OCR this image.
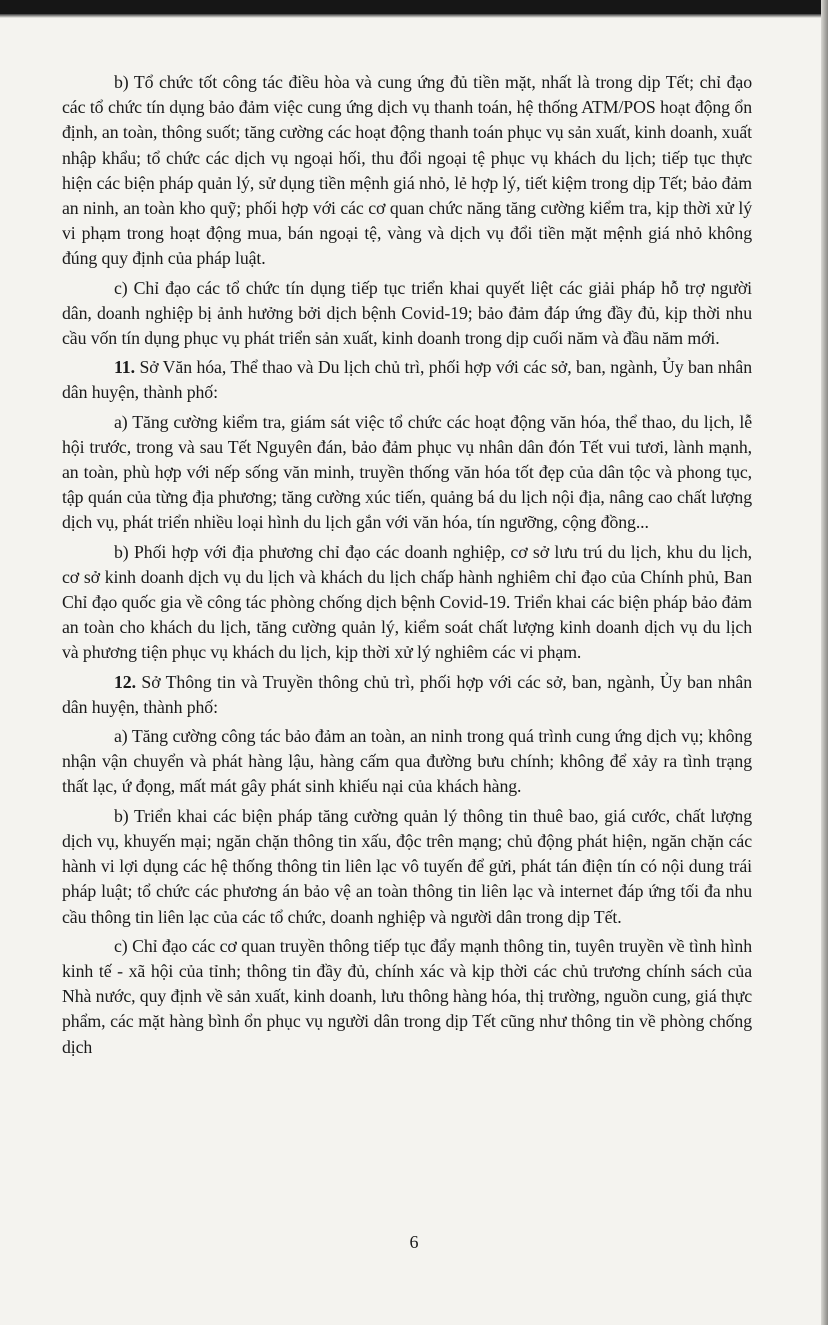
b) Tổ chức tốt công tác điều hòa và cung ứng đủ tiền mặt, nhất là trong dịp Tết; chỉ đạo các tổ chức tín dụng bảo đảm việc cung ứng dịch vụ thanh toán, hệ thống ATM/POS hoạt động ổn định, an toàn, thông suốt; tăng cường các hoạt động thanh toán phục vụ sản xuất, kinh doanh, xuất nhập khẩu; tổ chức các dịch vụ ngoại hối, thu đổi ngoại tệ phục vụ khách du lịch; tiếp tục thực hiện các biện pháp quản lý, sử dụng tiền mệnh giá nhỏ, lẻ hợp lý, tiết kiệm trong dịp Tết; bảo đảm an ninh, an toàn kho quỹ; phối hợp với các cơ quan chức năng tăng cường kiểm tra, kịp thời xử lý vi phạm trong hoạt động mua, bán ngoại tệ, vàng và dịch vụ đổi tiền mặt mệnh giá nhỏ không đúng quy định của pháp luật.

c) Chỉ đạo các tổ chức tín dụng tiếp tục triển khai quyết liệt các giải pháp hỗ trợ người dân, doanh nghiệp bị ảnh hưởng bởi dịch bệnh Covid-19; bảo đảm đáp ứng đầy đủ, kịp thời nhu cầu vốn tín dụng phục vụ phát triển sản xuất, kinh doanh trong dịp cuối năm và đầu năm mới.

11. Sở Văn hóa, Thể thao và Du lịch chủ trì, phối hợp với các sở, ban, ngành, Ủy ban nhân dân huyện, thành phố:

a) Tăng cường kiểm tra, giám sát việc tổ chức các hoạt động văn hóa, thể thao, du lịch, lễ hội trước, trong và sau Tết Nguyên đán, bảo đảm phục vụ nhân dân đón Tết vui tươi, lành mạnh, an toàn, phù hợp với nếp sống văn minh, truyền thống văn hóa tốt đẹp của dân tộc và phong tục, tập quán của từng địa phương; tăng cường xúc tiến, quảng bá du lịch nội địa, nâng cao chất lượng dịch vụ, phát triển nhiều loại hình du lịch gắn với văn hóa, tín ngưỡng, cộng đồng...

b) Phối hợp với địa phương chỉ đạo các doanh nghiệp, cơ sở lưu trú du lịch, khu du lịch, cơ sở kinh doanh dịch vụ du lịch và khách du lịch chấp hành nghiêm chỉ đạo của Chính phủ, Ban Chỉ đạo quốc gia về công tác phòng chống dịch bệnh Covid-19. Triển khai các biện pháp bảo đảm an toàn cho khách du lịch, tăng cường quản lý, kiểm soát chất lượng kinh doanh dịch vụ du lịch và phương tiện phục vụ khách du lịch, kịp thời xử lý nghiêm các vi phạm.

12. Sở Thông tin và Truyền thông chủ trì, phối hợp với các sở, ban, ngành, Ủy ban nhân dân huyện, thành phố:

a) Tăng cường công tác bảo đảm an toàn, an ninh trong quá trình cung ứng dịch vụ; không nhận vận chuyển và phát hàng lậu, hàng cấm qua đường bưu chính; không để xảy ra tình trạng thất lạc, ứ đọng, mất mát gây phát sinh khiếu nại của khách hàng.

b) Triển khai các biện pháp tăng cường quản lý thông tin thuê bao, giá cước, chất lượng dịch vụ, khuyến mại; ngăn chặn thông tin xấu, độc trên mạng; chủ động phát hiện, ngăn chặn các hành vi lợi dụng các hệ thống thông tin liên lạc vô tuyến để gửi, phát tán điện tín có nội dung trái pháp luật; tổ chức các phương án bảo vệ an toàn thông tin liên lạc và internet đáp ứng tối đa nhu cầu thông tin liên lạc của các tổ chức, doanh nghiệp và người dân trong dịp Tết.

c) Chỉ đạo các cơ quan truyền thông tiếp tục đẩy mạnh thông tin, tuyên truyền về tình hình kinh tế - xã hội của tỉnh; thông tin đầy đủ, chính xác và kịp thời các chủ trương chính sách của Nhà nước, quy định về sản xuất, kinh doanh, lưu thông hàng hóa, thị trường, nguồn cung, giá thực phẩm, các mặt hàng bình ổn phục vụ người dân trong dịp Tết cũng như thông tin về phòng chống dịch

6
